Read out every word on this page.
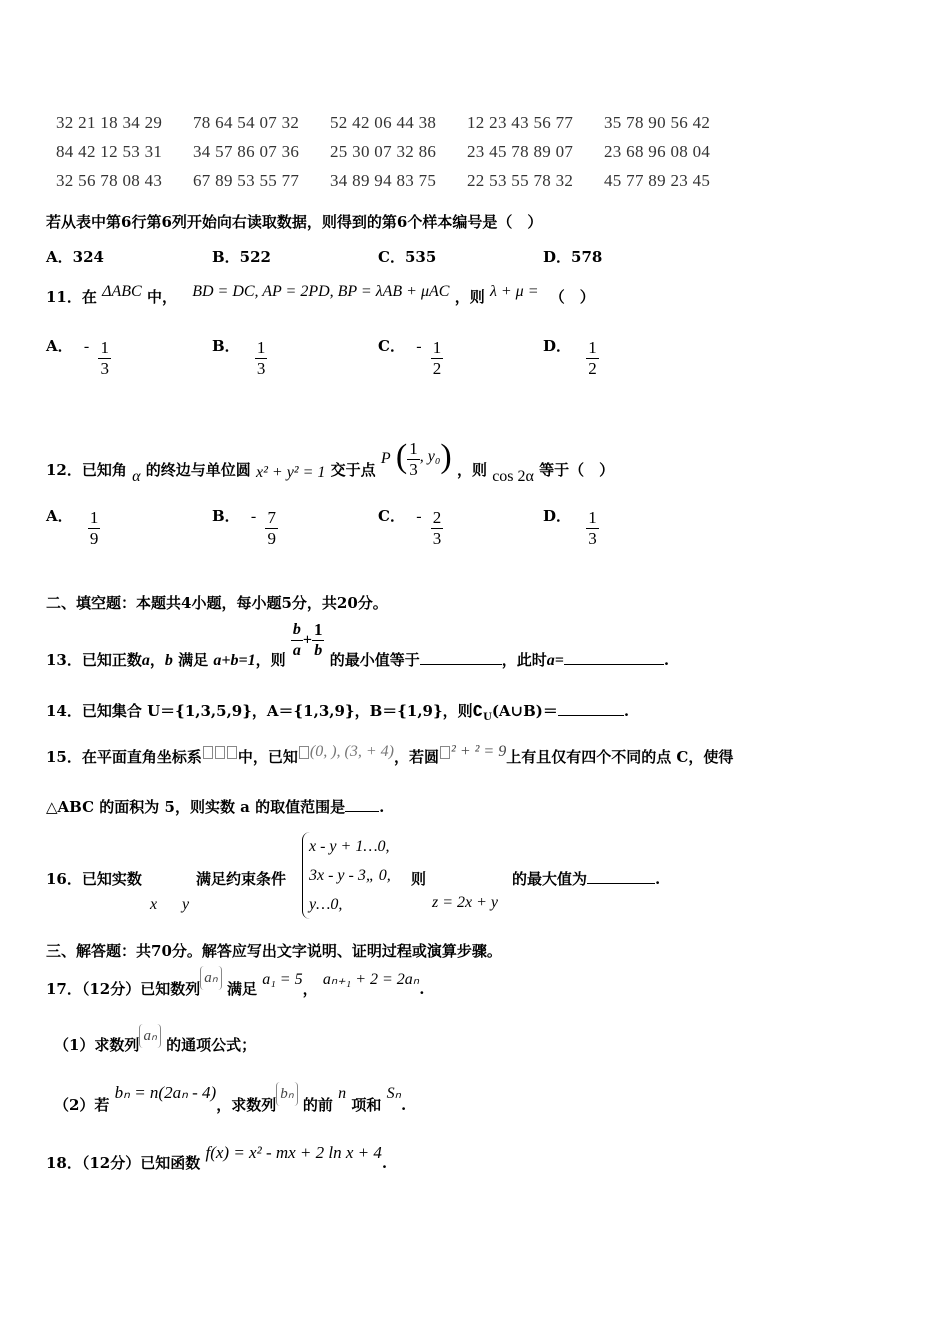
32 21 18 34 29	78 64 54 07 32	52 42 06 44 38	12 23 43 56 77	35 78 90 56 42
84 42 12 53 31	34 57 86 07 36	25 30 07 32 86	23 45 78 89 07	23 68 96 08 04
32 56 78 08 43	67 89 53 55 77	34 89 94 83 75	22 53 55 78 32	45 77 89 23 45
若从表中第6行第6列开始向右读取数据，则得到的第6个样本编号是（　）
A．324	B．522	C．535	D．578
11．在 ΔABC 中， BD = DC, AP = 2PD, BP = λAB + μAC ，则 λ + μ = （　）
A． - $\frac{1}{3}$	B． $\frac{1}{3}$	C． - $\frac{1}{2}$	D． $\frac{1}{2}$
12．已知角 α 的终边与单位圆 x² + y² = 1 交于点 P ( $\frac{1}{3}$ , y₀) ，则 cos 2α 等于（　）
A． $\frac{1}{9}$	B． - $\frac{7}{9}$	C． - $\frac{2}{3}$	D． $\frac{1}{3}$
二、填空题：本题共4小题，每小题5分，共20分。
13．已知正数a，b 满足 a+b=1，则 $\frac{b}{a} + \frac{1}{b}$ 的最小值等于	，此时a=	.
14．已知集合 U＝{1,3,5,9}，A＝{1,3,9}，B＝{1,9}，则$∁_U(A\cup B)=$	.
15．在平面直角坐标系 中，已知 (0, ), (3, + 4)，若圆 ² + ² = 9上有且仅有四个不同的点 C，使得
△ABC 的面积为 5，则实数 a 的取值范围是 .
16．已知实数
x y
满足约束条件
x - y + 1…0,
3x - y - 3„ 0,
y…0,
则
z = 2x + y
的最大值为	.
三、解答题：共70分。解答应写出文字说明、证明过程或演算步骤。
17．（12分）已知数列aₙ 满足 a₁ = 5， aₙ₊₁ + 2 = 2aₙ.
（1）求数列 aₙ 的通项公式；
（2）若 bₙ = n(2aₙ - 4)，求数列bₙ 的前 n 项和 Sₙ.
18．（12分）已知函数 f(x) = x² - mx + 2 ln x + 4.
